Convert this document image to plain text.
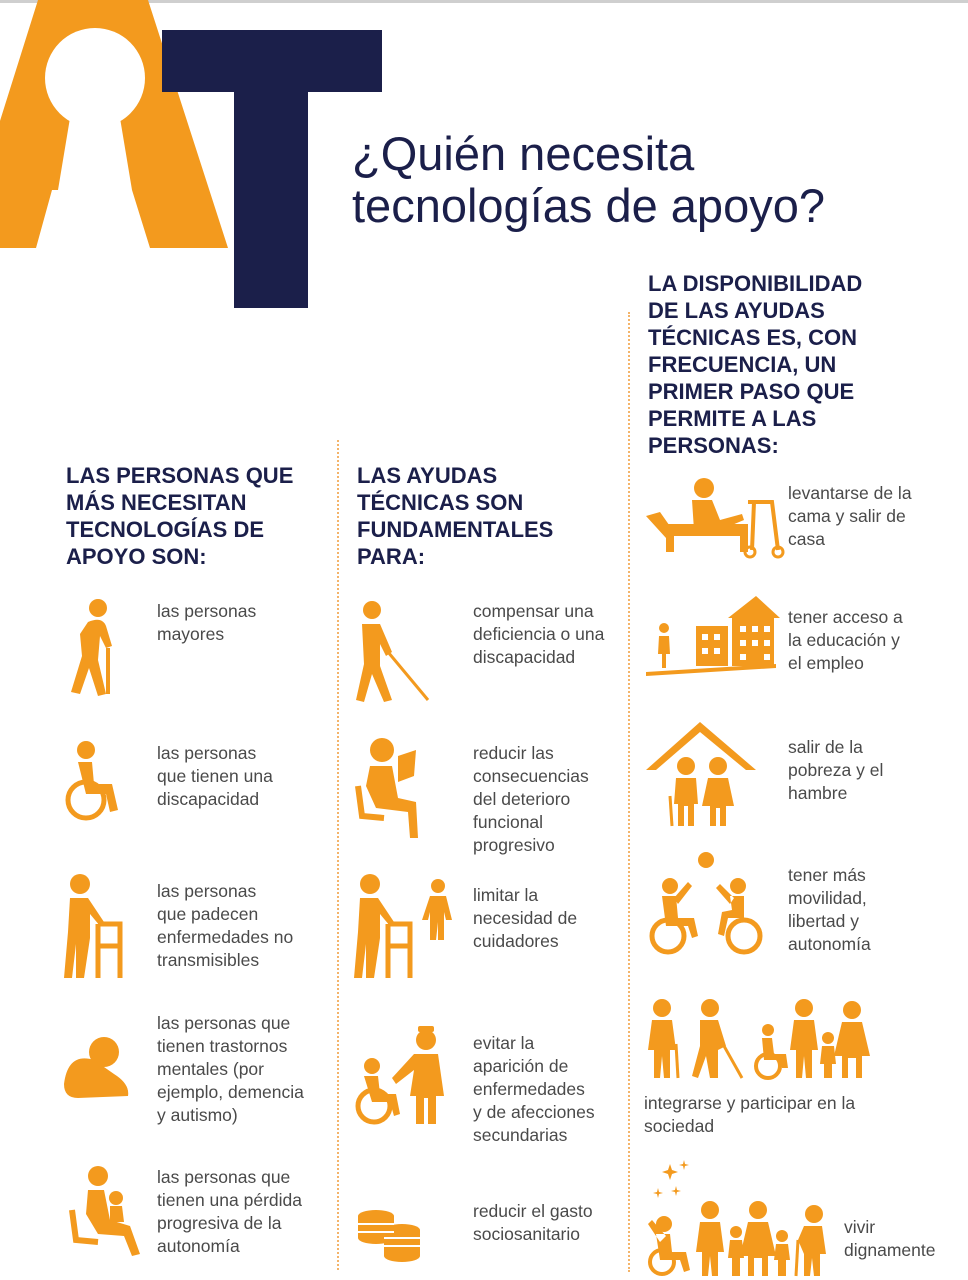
¿Quién necesita
tecnologías de apoyo?
LAS PERSONAS QUE
MÁS NECESITAN
TECNOLOGÍAS DE
APOYO SON:
LAS AYUDAS
TÉCNICAS SON
FUNDAMENTALES
PARA:
LA DISPONIBILIDAD
DE LAS AYUDAS
TÉCNICAS ES, CON
FRECUENCIA, UN
PRIMER PASO QUE
PERMITE A LAS
PERSONAS:
las personas
mayores
las personas
que tienen una
discapacidad
las personas
que padecen
enfermedades no
transmisibles
las personas que
tienen trastornos
mentales (por
ejemplo, demencia
y autismo)
las personas que
tienen una pérdida
progresiva de la
autonomía
compensar una
deficiencia o una
discapacidad
reducir las
consecuencias
del deterioro
funcional
progresivo
limitar la
necesidad de
cuidadores
evitar la
aparición de
enfermedades
y de afecciones
secundarias
reducir el gasto
sociosanitario
levantarse de la
cama y salir de
casa
tener acceso a
la educación y
el empleo
salir de la
pobreza y el
hambre
tener más
movilidad,
libertad y
autonomía
integrarse y participar en la
sociedad
vivir
dignamente
